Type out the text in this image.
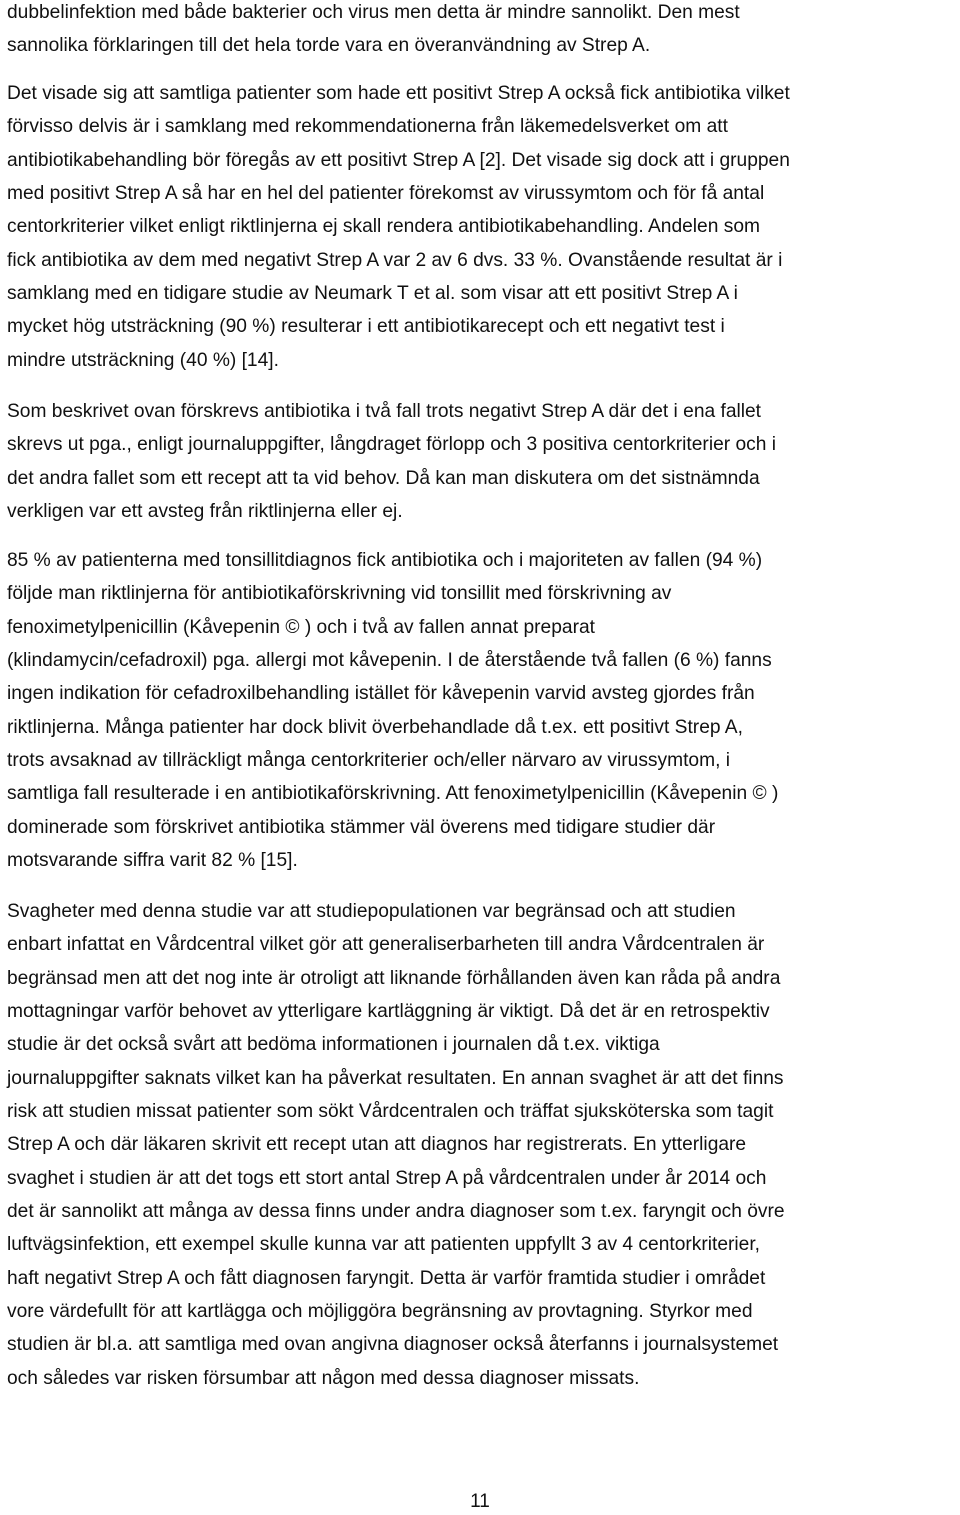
dubbelinfektion med både bakterier och virus men detta är mindre sannolikt. Den mest
sannolika förklaringen till det hela torde vara en överanvändning av Strep A.

Det visade sig att samtliga patienter som hade ett positivt Strep A också fick antibiotika vilket
förvisso delvis är i samklang med rekommendationerna från läkemedelsverket om att
antibiotikabehandling bör föregås av ett positivt Strep A [2]. Det visade sig dock att i gruppen
med positivt Strep A så har en hel del patienter förekomst av virussymtom och för få antal
centorkriterier vilket enligt riktlinjerna ej skall rendera antibiotikabehandling. Andelen som
fick antibiotika av dem med negativt Strep A var 2 av 6 dvs. 33 %. Ovanstående resultat är i
samklang med en tidigare studie av Neumark T et al. som visar att ett positivt Strep A i
mycket hög utsträckning (90 %) resulterar i ett antibiotikarecept och ett negativt test i
mindre utsträckning (40 %) [14].

Som beskrivet ovan förskrevs antibiotika i två fall trots negativt Strep A där det i ena fallet
skrevs ut pga., enligt journaluppgifter, långdraget förlopp och 3 positiva centorkriterier och i
det andra fallet som ett recept att ta vid behov. Då kan man diskutera om det sistnämnda
verkligen var ett avsteg från riktlinjerna eller ej.

85 % av patienterna med tonsillitdiagnos fick antibiotika och i majoriteten av fallen (94 %)
följde man riktlinjerna för antibiotikaförskrivning vid tonsillit med förskrivning av
fenoximetylpenicillin (Kåvepenin © ) och i två av fallen annat preparat
(klindamycin/cefadroxil) pga. allergi mot kåvepenin. I de återstående två fallen (6 %) fanns
ingen indikation för cefadroxilbehandling istället för kåvepenin varvid avsteg gjordes från
riktlinjerna. Många patienter har dock blivit överbehandlade då t.ex. ett positivt Strep A,
trots avsaknad av tillräckligt många centorkriterier och/eller närvaro av virussymtom, i
samtliga fall resulterade i en antibiotikaförskrivning. Att fenoximetylpenicillin (Kåvepenin © )
dominerade som förskrivet antibiotika stämmer väl överens med tidigare studier där
motsvarande siffra varit 82 % [15].

Svagheter med denna studie var att studiepopulationen var begränsad och att studien
enbart infattat en Vårdcentral vilket gör att generaliserbarheten till andra Vårdcentralen är
begränsad men att det nog inte är otroligt att liknande förhållanden även kan råda på andra
mottagningar varför behovet av ytterligare kartläggning är viktigt. Då det är en retrospektiv
studie är det också svårt att bedöma informationen i journalen då t.ex. viktiga
journaluppgifter saknats vilket kan ha påverkat resultaten. En annan svaghet är att det finns
risk att studien missat patienter som sökt Vårdcentralen och träffat sjuksköterska som tagit
Strep A och där läkaren skrivit ett recept utan att diagnos har registrerats. En ytterligare
svaghet i studien är att det togs ett stort antal Strep A på vårdcentralen under år 2014 och
det är sannolikt att många av dessa finns under andra diagnoser som t.ex. faryngit och övre
luftvägsinfektion, ett exempel skulle kunna var att patienten uppfyllt 3 av 4 centorkriterier,
haft negativt Strep A och fått diagnosen faryngit. Detta är varför framtida studier i området
vore värdefullt för att kartlägga och möjliggöra begränsning av provtagning. Styrkor med
studien är bl.a. att samtliga med ovan angivna diagnoser också återfanns i journalsystemet
och således var risken försumbar att någon med dessa diagnoser missats.

11
